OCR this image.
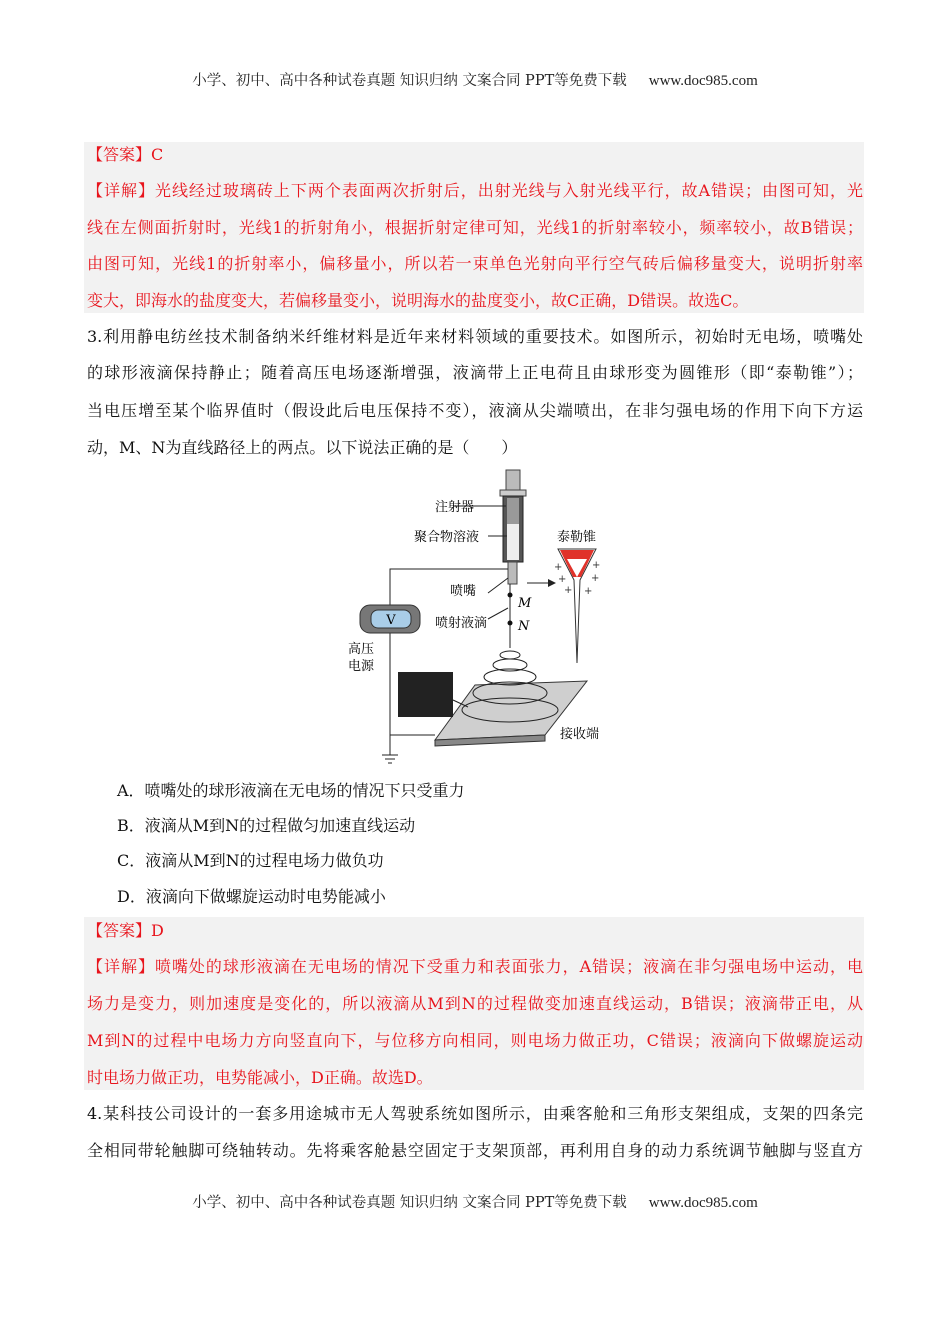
小学、初中、高中各种试卷真题 知识归纳 文案合同 PPT等免费下载 www.doc985.com
【答案】C
【详解】光线经过玻璃砖上下两个表面两次折射后，出射光线与入射光线平行，故A错误；由图可知，光
线在左侧面折射时，光线1的折射角小，根据折射定律可知，光线1的折射率较小，频率较小，故B错误；
由图可知，光线1的折射率小，偏移量小，所以若一束单色光射向平行空气砖后偏移量变大，说明折射率
变大，即海水的盐度变大，若偏移量变小，说明海水的盐度变小，故C正确，D错误。故选C。
3.利用静电纺丝技术制备纳米纤维材料是近年来材料领域的重要技术。如图所示，初始时无电场，喷嘴处
的球形液滴保持静止；随着高压电场逐渐增强，液滴带上正电荷且由球形变为圆锥形（即“泰勒锥”）；
当电压增至某个临界值时（假设此后电压保持不变），液滴从尖端喷出，在非匀强电场的作用下向下方运
动，M、N为直线路径上的两点。以下说法正确的是（　　）
注射器
聚合物溶液
V
高压
电源
M
N
喷嘴
喷射液滴
接收端
泰勒锥
+	+
+ +
+ +
A．喷嘴处的球形液滴在无电场的情况下只受重力
B．液滴从M到N的过程做匀加速直线运动
C．液滴从M到N的过程电场力做负功
D．液滴向下做螺旋运动时电势能减小
【答案】D
【详解】喷嘴处的球形液滴在无电场的情况下受重力和表面张力，A错误；液滴在非匀强电场中运动，电
场力是变力，则加速度是变化的，所以液滴从M到N的过程做变加速直线运动，B错误；液滴带正电，从
M到N的过程中电场力方向竖直向下，与位移方向相同，则电场力做正功，C错误；液滴向下做螺旋运动
时电场力做正功，电势能减小，D正确。故选D。
4.某科技公司设计的一套多用途城市无人驾驶系统如图所示，由乘客舱和三角形支架组成，支架的四条完
全相同带轮触脚可绕轴转动。先将乘客舱悬空固定于支架顶部，再利用自身的动力系统调节触脚与竖直方
小学、初中、高中各种试卷真题 知识归纳 文案合同 PPT等免费下载 www.doc985.com
